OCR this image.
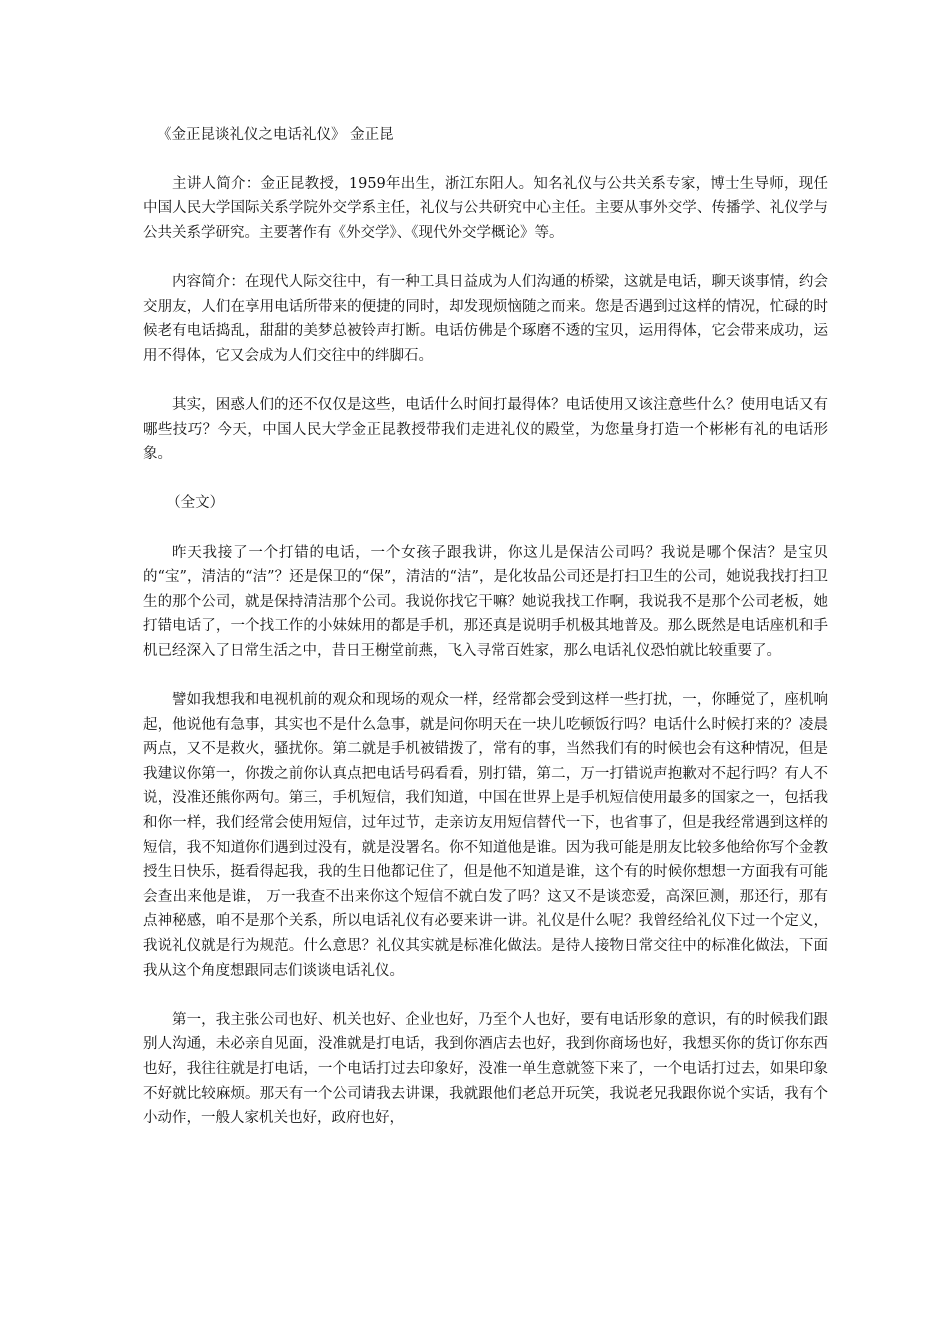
《金正昆谈礼仪之电话礼仪》 金正昆

主讲人简介：金正昆教授，1959年出生，浙江东阳人。知名礼仪与公共关系专家，博士生导师，现任中国人民大学国际关系学院外交学系主任，礼仪与公共研究中心主任。主要从事外交学、传播学、礼仪学与公共关系学研究。主要著作有《外交学》、《现代外交学概论》等。

内容简介：在现代人际交往中，有一种工具日益成为人们沟通的桥梁，这就是电话，聊天谈事情，约会交朋友，人们在享用电话所带来的便捷的同时，却发现烦恼随之而来。您是否遇到过这样的情况，忙碌的时候老有电话捣乱，甜甜的美梦总被铃声打断。电话仿佛是个琢磨不透的宝贝，运用得体，它会带来成功，运用不得体，它又会成为人们交往中的绊脚石。

其实，困惑人们的还不仅仅是这些，电话什么时间打最得体？电话使用又该注意些什么？使用电话又有哪些技巧？今天，中国人民大学金正昆教授带我们走进礼仪的殿堂，为您量身打造一个彬彬有礼的电话形象。

（全文）

昨天我接了一个打错的电话，一个女孩子跟我讲，你这儿是保洁公司吗？我说是哪个保洁？是宝贝的“宝”，清洁的“洁”？还是保卫的“保”，清洁的“洁”，是化妆品公司还是打扫卫生的公司，她说我找打扫卫生的那个公司，就是保持清洁那个公司。我说你找它干嘛？她说我找工作啊，我说我不是那个公司老板，她打错电话了，一个找工作的小妹妹用的都是手机，那还真是说明手机极其地普及。那么既然是电话座机和手机已经深入了日常生活之中，昔日王榭堂前燕，飞入寻常百姓家，那么电话礼仪恐怕就比较重要了。

譬如我想我和电视机前的观众和现场的观众一样，经常都会受到这样一些打扰，一，你睡觉了，座机响起，他说他有急事，其实也不是什么急事，就是问你明天在一块儿吃顿饭行吗？电话什么时候打来的？凌晨两点，又不是救火，骚扰你。第二就是手机被错拨了，常有的事，当然我们有的时候也会有这种情况，但是我建议你第一，你拨之前你认真点把电话号码看看，别打错，第二，万一打错说声抱歉对不起行吗？有人不说，没准还熊你两句。第三，手机短信，我们知道，中国在世界上是手机短信使用最多的国家之一，包括我和你一样，我们经常会使用短信，过年过节，走亲访友用短信替代一下，也省事了，但是我经常遇到这样的短信，我不知道你们遇到过没有，就是没署名。你不知道他是谁。因为我可能是朋友比较多他给你写个金教授生日快乐，挺看得起我，我的生日他都记住了，但是他不知道是谁，这个有的时候你想想一方面我有可能会查出来他是谁， 万一我查不出来你这个短信不就白发了吗？这又不是谈恋爱，高深叵测，那还行，那有点神秘感，咱不是那个关系，所以电话礼仪有必要来讲一讲。礼仪是什么呢？我曾经给礼仪下过一个定义，我说礼仪就是行为规范。什么意思？礼仪其实就是标准化做法。是待人接物日常交往中的标准化做法，下面我从这个角度想跟同志们谈谈电话礼仪。

第一，我主张公司也好、机关也好、企业也好，乃至个人也好，要有电话形象的意识，有的时候我们跟别人沟通，未必亲自见面，没准就是打电话，我到你酒店去也好，我到你商场也好，我想买你的货订你东西也好，我往往就是打电话，一个电话打过去印象好，没准一单生意就签下来了，一个电话打过去，如果印象不好就比较麻烦。那天有一个公司请我去讲课，我就跟他们老总开玩笑，我说老兄我跟你说个实话，我有个小动作，一般人家机关也好，政府也好，
